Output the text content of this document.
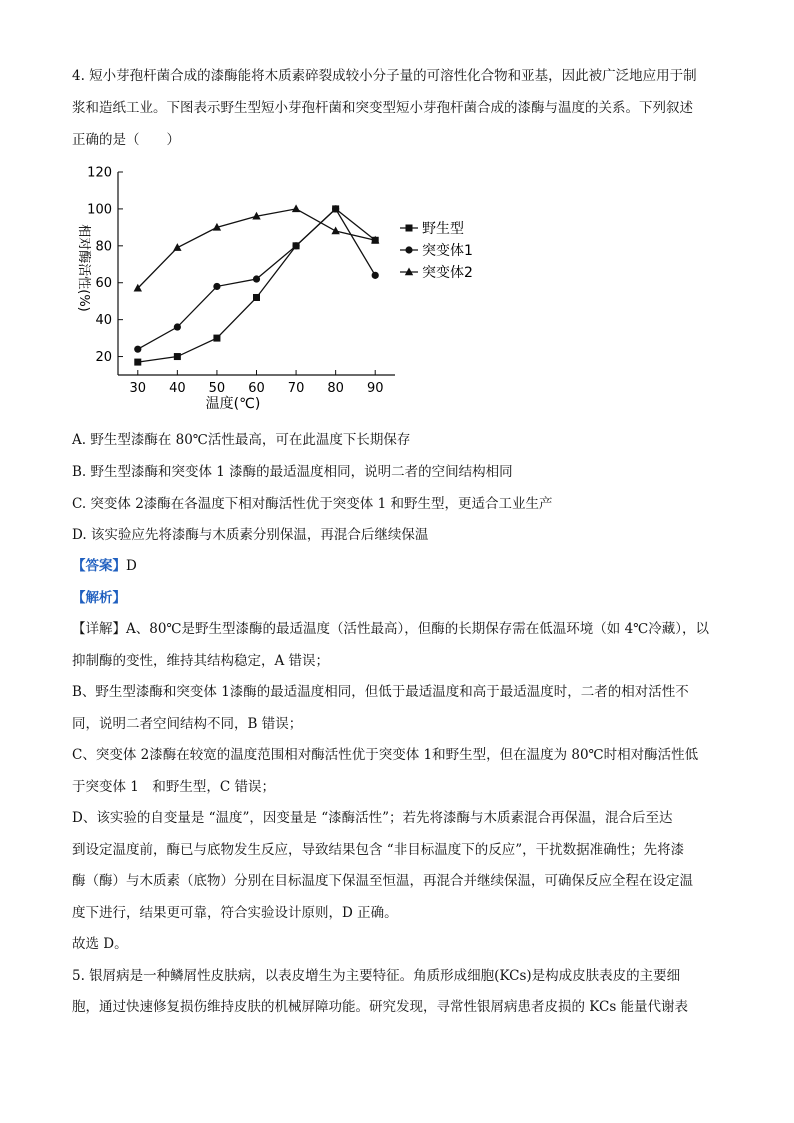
4. 短小芽孢杆菌合成的漆酶能将木质素碎裂成较小分子量的可溶性化合物和亚基，因此被广泛地应用于制
浆和造纸工业。下图表示野生型短小芽孢杆菌和突变型短小芽孢杆菌合成的漆酶与温度的关系。下列叙述
正确的是（　　）
20
40
60
80
100
120
30 40 50 60 70 80 90
野生型
突变体1
突变体2
温度(℃)
相对酶活性(%)
A. 野生型漆酶在 80℃活性最高，可在此温度下长期保存
B. 野生型漆酶和突变体 1 漆酶的最适温度相同，说明二者的空间结构相同
C. 突变体 2漆酶在各温度下相对酶活性优于突变体 1 和野生型，更适合工业生产
D. 该实验应先将漆酶与木质素分别保温，再混合后继续保温
【答案】D
【解析】
【详解】A、80℃是野生型漆酶的最适温度（活性最高），但酶的长期保存需在低温环境（如 4℃冷藏），以
抑制酶的变性，维持其结构稳定，A 错误；
B、野生型漆酶和突变体 1漆酶的最适温度相同，但低于最适温度和高于最适温度时，二者的相对活性不
同，说明二者空间结构不同，B 错误；
C、突变体 2漆酶在较宽的温度范围相对酶活性优于突变体 1和野生型，但在温度为 80℃时相对酶活性低
于突变体 1　和野生型，C 错误；
D、该实验的自变量是 “温度”，因变量是 “漆酶活性”；若先将漆酶与木质素混合再保温，混合后至达
到设定温度前，酶已与底物发生反应，导致结果包含 “非目标温度下的反应”，干扰数据准确性；先将漆
酶（酶）与木质素（底物）分别在目标温度下保温至恒温，再混合并继续保温，可确保反应全程在设定温
度下进行，结果更可靠，符合实验设计原则，D 正确。
故选 D。
5. 银屑病是一种鳞屑性皮肤病，以表皮增生为主要特征。角质形成细胞(KCs)是构成皮肤表皮的主要细
胞，通过快速修复损伤维持皮肤的机械屏障功能。研究发现，寻常性银屑病患者皮损的 KCs 能量代谢表
